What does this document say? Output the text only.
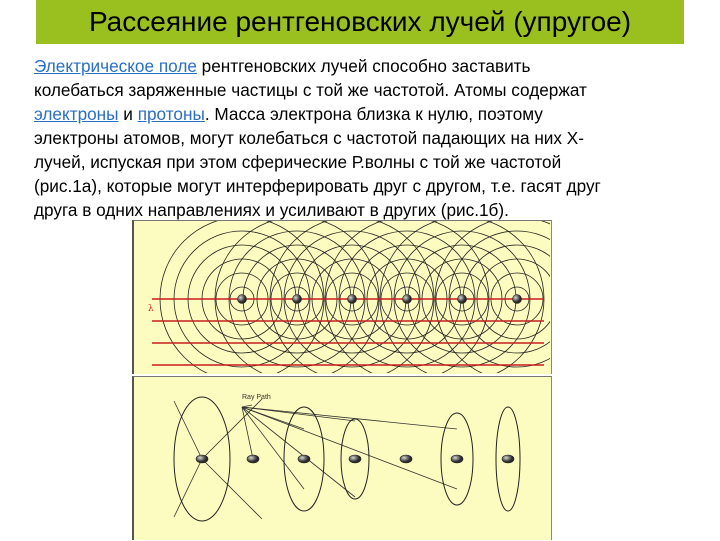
Рассеяние рентгеновских лучей (упругое)
Электрическое поле рентгеновских лучей способно заставить
колебаться заряженные частицы с той же частотой. Атомы содержат
электроны и протоны. Масса электрона близка к нулю, поэтому
электроны атомов, могут колебаться с частотой падающих на них Х-
лучей, испуская при этом сферические Р.волны с той же частотой
(рис.1а), которые могут интерферировать друг с другом, т.е. гасят друг
друга в одних направлениях и усиливают в других (рис.1б).
λ
Ray Path
